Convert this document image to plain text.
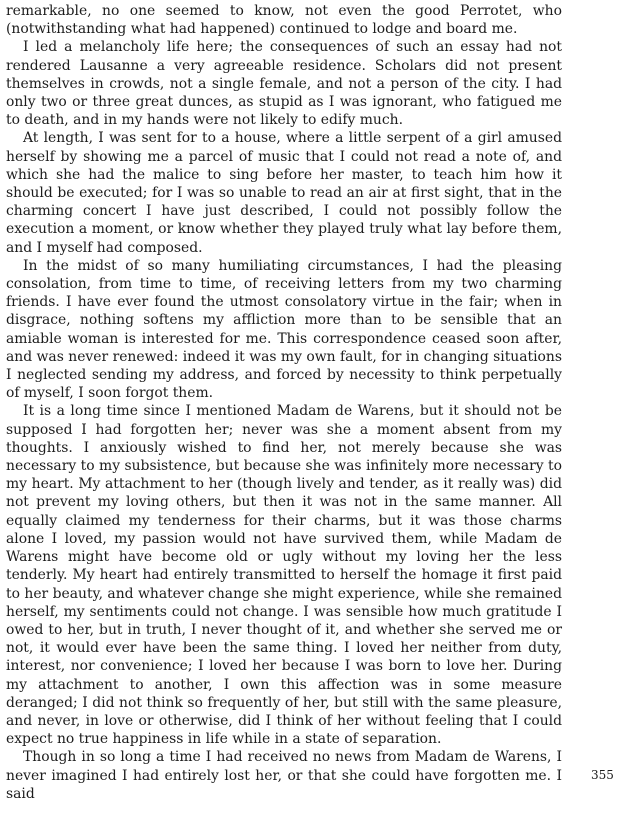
remarkable, no one seemed to know, not even the good Perrotet, who (notwithstanding what had happened) continued to lodge and board me.

I led a melancholy life here; the consequences of such an essay had not rendered Lausanne a very agreeable residence. Scholars did not present themselves in crowds, not a single female, and not a person of the city. I had only two or three great dunces, as stupid as I was ignorant, who fatigued me to death, and in my hands were not likely to edify much.

At length, I was sent for to a house, where a little serpent of a girl amused herself by showing me a parcel of music that I could not read a note of, and which she had the malice to sing before her master, to teach him how it should be executed; for I was so unable to read an air at first sight, that in the charming concert I have just described, I could not possibly follow the execution a moment, or know whether they played truly what lay before them, and I myself had composed.

In the midst of so many humiliating circumstances, I had the pleasing consolation, from time to time, of receiving letters from my two charming friends. I have ever found the utmost consolatory virtue in the fair; when in disgrace, nothing softens my affliction more than to be sensible that an amiable woman is interested for me. This correspondence ceased soon after, and was never renewed: indeed it was my own fault, for in changing situations I neglected sending my address, and forced by necessity to think perpetually of myself, I soon forgot them.

It is a long time since I mentioned Madam de Warens, but it should not be supposed I had forgotten her; never was she a moment absent from my thoughts. I anxiously wished to find her, not merely because she was necessary to my subsistence, but because she was infinitely more necessary to my heart. My attachment to her (though lively and tender, as it really was) did not prevent my loving others, but then it was not in the same manner. All equally claimed my tenderness for their charms, but it was those charms alone I loved, my passion would not have survived them, while Madam de Warens might have become old or ugly without my loving her the less tenderly. My heart had entirely transmitted to herself the homage it first paid to her beauty, and whatever change she might experience, while she remained herself, my sentiments could not change. I was sensible how much gratitude I owed to her, but in truth, I never thought of it, and whether she served me or not, it would ever have been the same thing. I loved her neither from duty, interest, nor convenience; I loved her because I was born to love her. During my attachment to another, I own this affection was in some measure deranged; I did not think so frequently of her, but still with the same pleasure, and never, in love or otherwise, did I think of her without feeling that I could expect no true happiness in life while in a state of separation.

Though in so long a time I had received no news from Madam de Warens, I never imagined I had entirely lost her, or that she could have forgotten me. I said

355
